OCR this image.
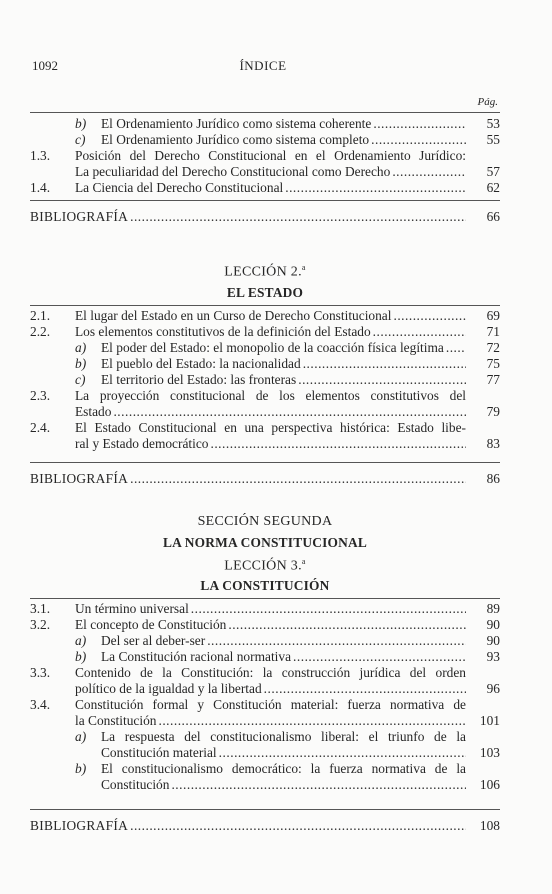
1092	ÍNDICE
Pág.
b) El Ordenamiento Jurídico como sistema coherente .....	53
c) El Ordenamiento Jurídico como sistema completo .....	55
1.3. Posición del Derecho Constitucional en el Ordenamiento Jurídico:
La peculiaridad del Derecho Constitucional como Derecho .....	57
1.4. La Ciencia del Derecho Constitucional .....	62
BIBLIOGRAFÍA .....	66
LECCIÓN 2.$^a$
EL ESTADO
2.1. El lugar del Estado en un Curso de Derecho Constitucional .....	69
2.2. Los elementos constitutivos de la definición del Estado .....	71
a) El poder del Estado: el monopolio de la coacción física legítima .....	72
b) El pueblo del Estado: la nacionalidad .....	75
c) El territorio del Estado: las fronteras .....	77
2.3. La proyección constitucional de los elementos constitutivos del
Estado .....	79
2.4. El Estado Constitucional en una perspectiva histórica: Estado libe-
ral y Estado democrático .....	83
BIBLIOGRAFÍA .....	86
SECCIÓN SEGUNDA
LA NORMA CONSTITUCIONAL
LECCIÓN 3.$^a$
LA CONSTITUCIÓN
3.1. Un término universal .....	89
3.2. El concepto de Constitución .....	90
a) Del ser al deber-ser .....	90
b) La Constitución racional normativa .....	93
3.3. Contenido de la Constitución: la construcción jurídica del orden
político de la igualdad y la libertad .....	96
3.4. Constitución formal y Constitución material: fuerza normativa de
la Constitución .....	101
a) La respuesta del constitucionalismo liberal: el triunfo de la
Constitución material .....	103
b) El constitucionalismo democrático: la fuerza normativa de la
Constitución .....	106
BIBLIOGRAFÍA .....	108
